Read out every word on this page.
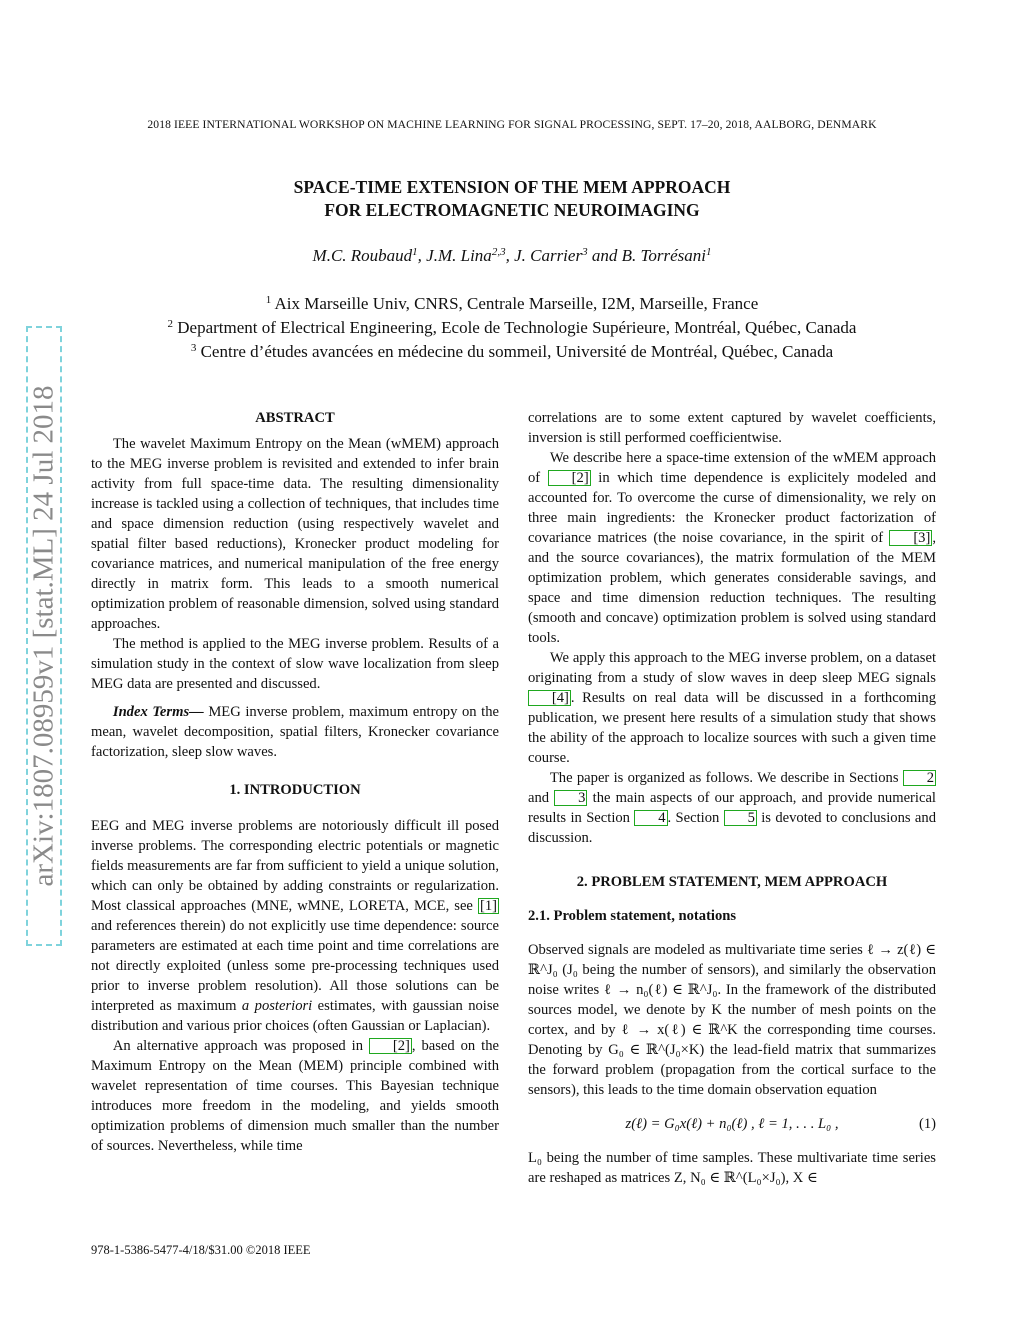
2018 IEEE INTERNATIONAL WORKSHOP ON MACHINE LEARNING FOR SIGNAL PROCESSING, SEPT. 17–20, 2018, AALBORG, DENMARK
SPACE-TIME EXTENSION OF THE MEM APPROACH
FOR ELECTROMAGNETIC NEUROIMAGING
M.C. Roubaud$^1$, J.M. Lina$^{2,3}$, J. Carrier$^3$ and B. Torrésani$^1$
$^1$ Aix Marseille Univ, CNRS, Centrale Marseille, I2M, Marseille, France
$^2$ Department of Electrical Engineering, Ecole de Technologie Supérieure, Montréal, Québec, Canada
$^3$ Centre d’études avancées en médecine du sommeil, Université de Montréal, Québec, Canada
arXiv:1807.08959v1 [stat.ML] 24 Jul 2018	ABSTRACT

The wavelet Maximum Entropy on the Mean (wMEM) approach to the MEG inverse problem is revisited and extended to infer brain activity from full space-time data. The resulting dimensionality increase is tackled using a collection of techniques, that includes time and space dimension reduction (using respectively wavelet and spatial filter based reductions), Kronecker product modeling for covariance matrices, and numerical manipulation of the free energy directly in matrix form. This leads to a smooth numerical optimization problem of reasonable dimension, solved using standard approaches.

The method is applied to the MEG inverse problem. Results of a simulation study in the context of slow wave localization from sleep MEG data are presented and discussed.

Index Terms— MEG inverse problem, maximum entropy on the mean, wavelet decomposition, spatial filters, Kronecker covariance factorization, sleep slow waves.

1. INTRODUCTION

EEG and MEG inverse problems are notoriously difficult ill posed inverse problems. The corresponding electric potentials or magnetic fields measurements are far from sufficient to yield a unique solution, which can only be obtained by adding constraints or regularization. Most classical approaches (MNE, wMNE, LORETA, MCE, see [1] and references therein) do not explicitly use time dependence: source parameters are estimated at each time point and time correlations are not directly exploited (unless some pre-processing techniques used prior to inverse problem resolution). All those solutions can be interpreted as maximum a posteriori estimates, with gaussian noise distribution and various prior choices (often Gaussian or Laplacian).

An alternative approach was proposed in [2] , based on the Maximum Entropy on the Mean (MEM) principle combined with wavelet representation of time courses. This Bayesian technique introduces more freedom in the modeling, and yields smooth optimization problems of dimension much smaller than the number of sources. Nevertheless, while time

correlations are to some extent captured by wavelet coefficients, inversion is still performed coefficientwise.

We describe here a space-time extension of the wMEM approach of [2] in which time dependence is explicitely modeled and accounted for. To overcome the curse of dimensionality, we rely on three main ingredients: the Kronecker product factorization of covariance matrices (the noise covariance, in the spirit of [3] , and the source covariances), the matrix formulation of the MEM optimization problem, which generates considerable savings, and space and time dimension reduction techniques. The resulting (smooth and concave) optimization problem is solved using standard tools.

We apply this approach to the MEG inverse problem, on a dataset originating from a study of slow waves in deep sleep MEG signals [4] . Results on real data will be discussed in a forthcoming publication, we present here results of a simulation study that shows the ability of the approach to localize sources with such a given time course.

The paper is organized as follows. We describe in Sections 2 and 3 the main aspects of our approach, and provide numerical results in Section 4 . Section 5 is devoted to conclusions and discussion.

2. PROBLEM STATEMENT, MEM APPROACH
2.1. Problem statement, notations

Observed signals are modeled as multivariate time series ℓ → z(ℓ) ∈ ℝ^J₀ (J₀ being the number of sensors), and similarly the observation noise writes ℓ → n₀(ℓ) ∈ ℝ^J₀. In the framework of the distributed sources model, we denote by K the number of mesh points on the cortex, and by ℓ → x(ℓ) ∈ ℝ^K the corresponding time courses. Denoting by G₀ ∈ ℝ^(J₀×K) the lead-field matrix that summarizes the forward problem (propagation from the cortical surface to the sensors), this leads to the time domain observation equation

z(ℓ) = G₀x(ℓ) + n₀(ℓ) , ℓ = 1, . . . L₀ ,	(1)

L₀ being the number of time samples. These multivariate time series are reshaped as matrices Z, N₀ ∈ ℝ^(L₀×J₀), X ∈

978-1-5386-5477-4/18/$31.00 ©2018 IEEE
